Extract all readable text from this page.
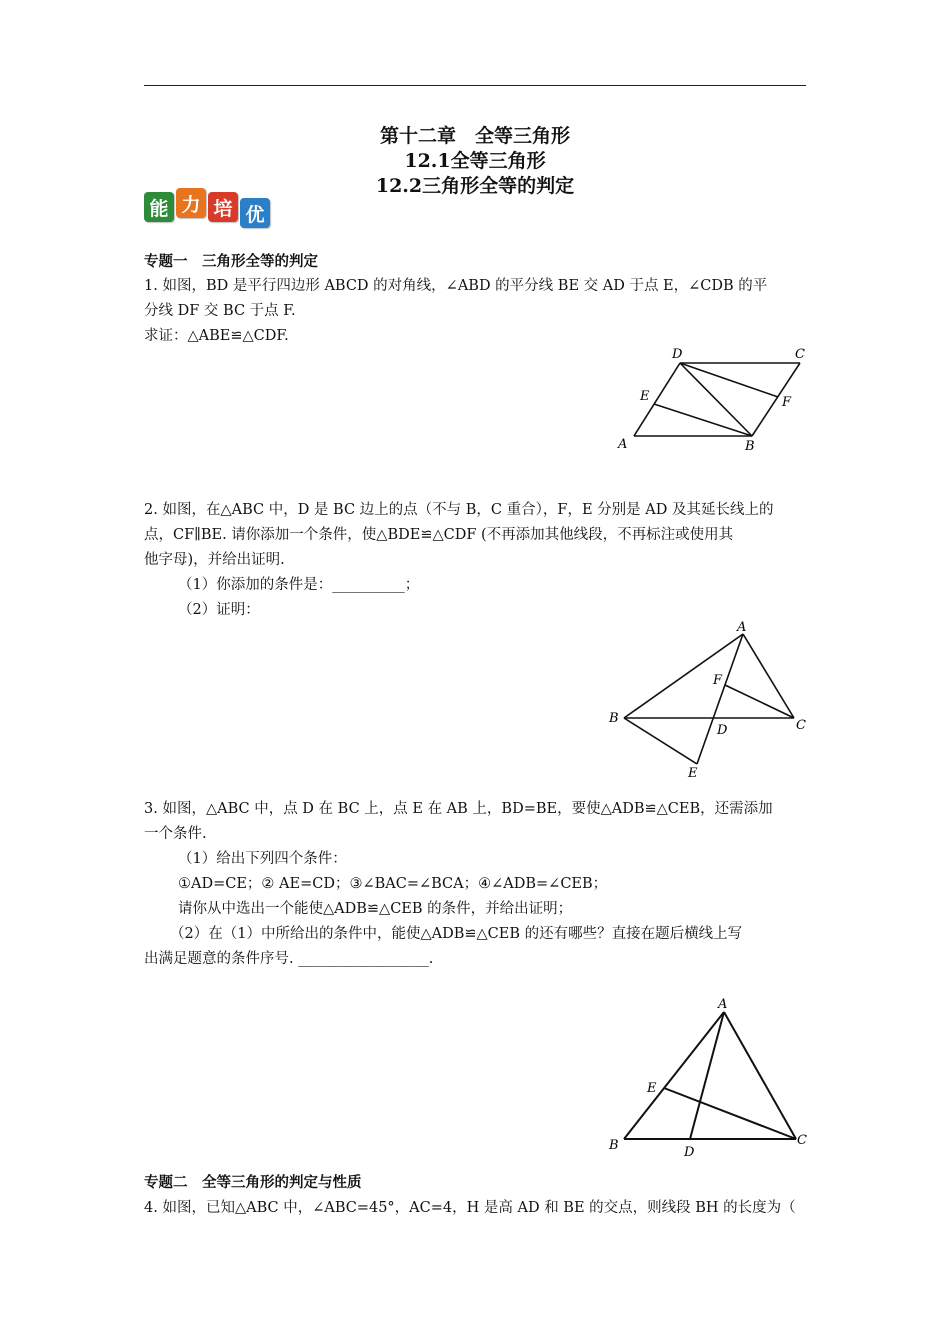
第十二章　全等三角形
12.1全等三角形
12.2三角形全等的判定
能 力 培 优
专题一　三角形全等的判定
1. 如图，BD 是平行四边形 ABCD 的对角线，∠ABD 的平分线 BE 交 AD 于点 E，∠CDB 的平
分线 DF 交 BC 于点 F.
求证：△ABE≌△CDF.
D	C
E	F
A	B
2. 如图，在△ABC 中，D 是 BC 边上的点（不与 B，C 重合），F，E 分别是 AD 及其延长线上的
点，CF∥BE. 请你添加一个条件，使△BDE≌△CDF (不再添加其他线段，不再标注或使用其
他字母)，并给出证明.
（1）你添加的条件是：__________；
（2）证明：
A
F
B
D	C
E
3. 如图，△ABC 中，点 D 在 BC 上，点 E 在 AB 上，BD=BE，要使△ADB≌△CEB，还需添加
一个条件.
（1）给出下列四个条件：
①AD=CE；② AE=CD；③∠BAC=∠BCA；④∠ADB=∠CEB；
请你从中选出一个能使△ADB≌△CEB 的条件，并给出证明；
（2）在（1）中所给出的条件中，能使△ADB≌△CEB 的还有哪些？直接在题后横线上写
出满足题意的条件序号. __________________.
A
E
B	D
C
专题二　全等三角形的判定与性质
4. 如图，已知△ABC 中，∠ABC=45°，AC=4，H 是高 AD 和 BE 的交点，则线段 BH 的长度为（
